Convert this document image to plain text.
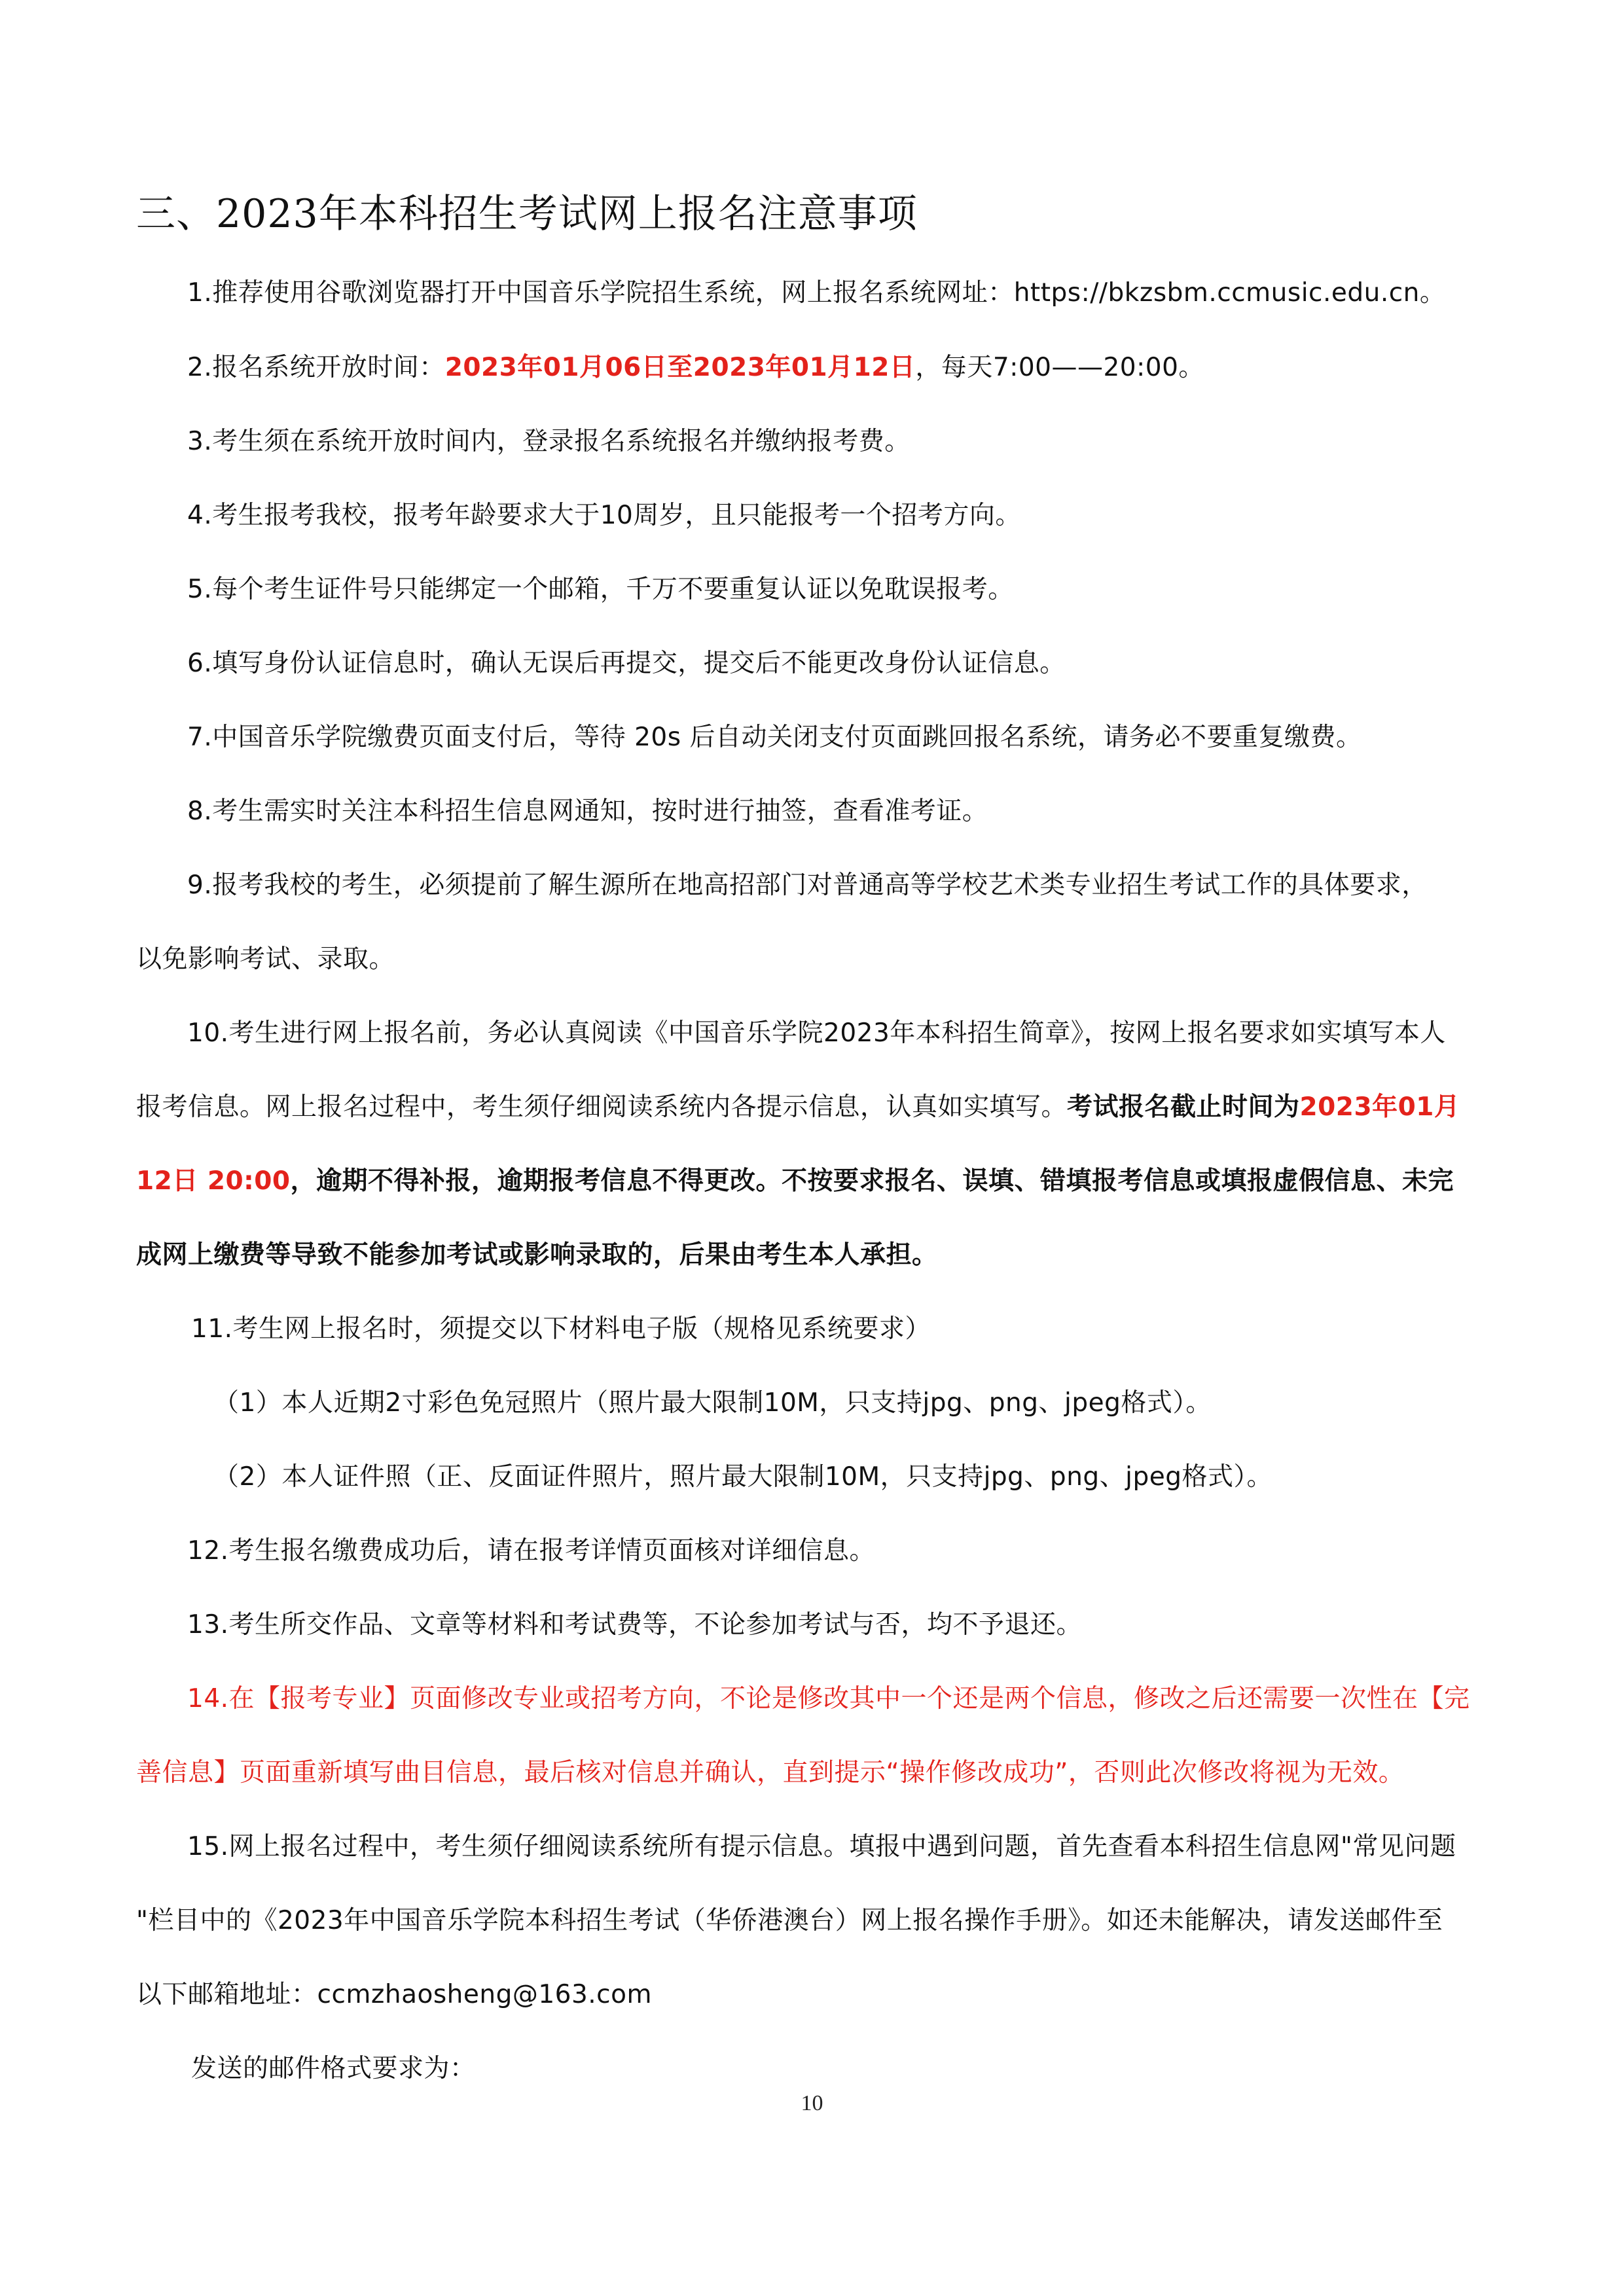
三、2023年本科招生考试网上报名注意事项
1.推荐使用谷歌浏览器打开中国音乐学院招生系统，网上报名系统网址：https://bkzsbm.ccmusic.edu.cn。
2.报名系统开放时间：2023年01月06日至2023年01月12日，每天7:00——20:00。
3.考生须在系统开放时间内，登录报名系统报名并缴纳报考费。
4.考生报考我校，报考年龄要求大于10周岁，且只能报考一个招考方向。
5.每个考生证件号只能绑定一个邮箱，千万不要重复认证以免耽误报考。
6.填写身份认证信息时，确认无误后再提交，提交后不能更改身份认证信息。
7.中国音乐学院缴费页面支付后，等待 20s 后自动关闭支付页面跳回报名系统，请务必不要重复缴费。
8.考生需实时关注本科招生信息网通知，按时进行抽签，查看准考证。
9.报考我校的考生，必须提前了解生源所在地高招部门对普通高等学校艺术类专业招生考试工作的具体要求，
以免影响考试、录取。
10.考生进行网上报名前，务必认真阅读《中国音乐学院2023年本科招生简章》，按网上报名要求如实填写本人
报考信息。网上报名过程中，考生须仔细阅读系统内各提示信息，认真如实填写。考试报名截止时间为2023年01月
12日 20:00，逾期不得补报，逾期报考信息不得更改。不按要求报名、误填、错填报考信息或填报虚假信息、未完
成网上缴费等导致不能参加考试或影响录取的，后果由考生本人承担。
11.考生网上报名时，须提交以下材料电子版（规格见系统要求）
（1）本人近期2寸彩色免冠照片（照片最大限制10M，只支持jpg、png、jpeg格式）。
（2）本人证件照（正、反面证件照片，照片最大限制10M，只支持jpg、png、jpeg格式）。
12.考生报名缴费成功后，请在报考详情页面核对详细信息。
13.考生所交作品、文章等材料和考试费等，不论参加考试与否，均不予退还。
14.在【报考专业】页面修改专业或招考方向，不论是修改其中一个还是两个信息，修改之后还需要一次性在【完
善信息】页面重新填写曲目信息，最后核对信息并确认，直到提示“操作修改成功”，否则此次修改将视为无效。
15.网上报名过程中，考生须仔细阅读系统所有提示信息。填报中遇到问题，首先查看本科招生信息网"常见问题
"栏目中的《2023年中国音乐学院本科招生考试（华侨港澳台）网上报名操作手册》。如还未能解决，请发送邮件至
以下邮箱地址：ccmzhaosheng@163.com
发送的邮件格式要求为：
10
